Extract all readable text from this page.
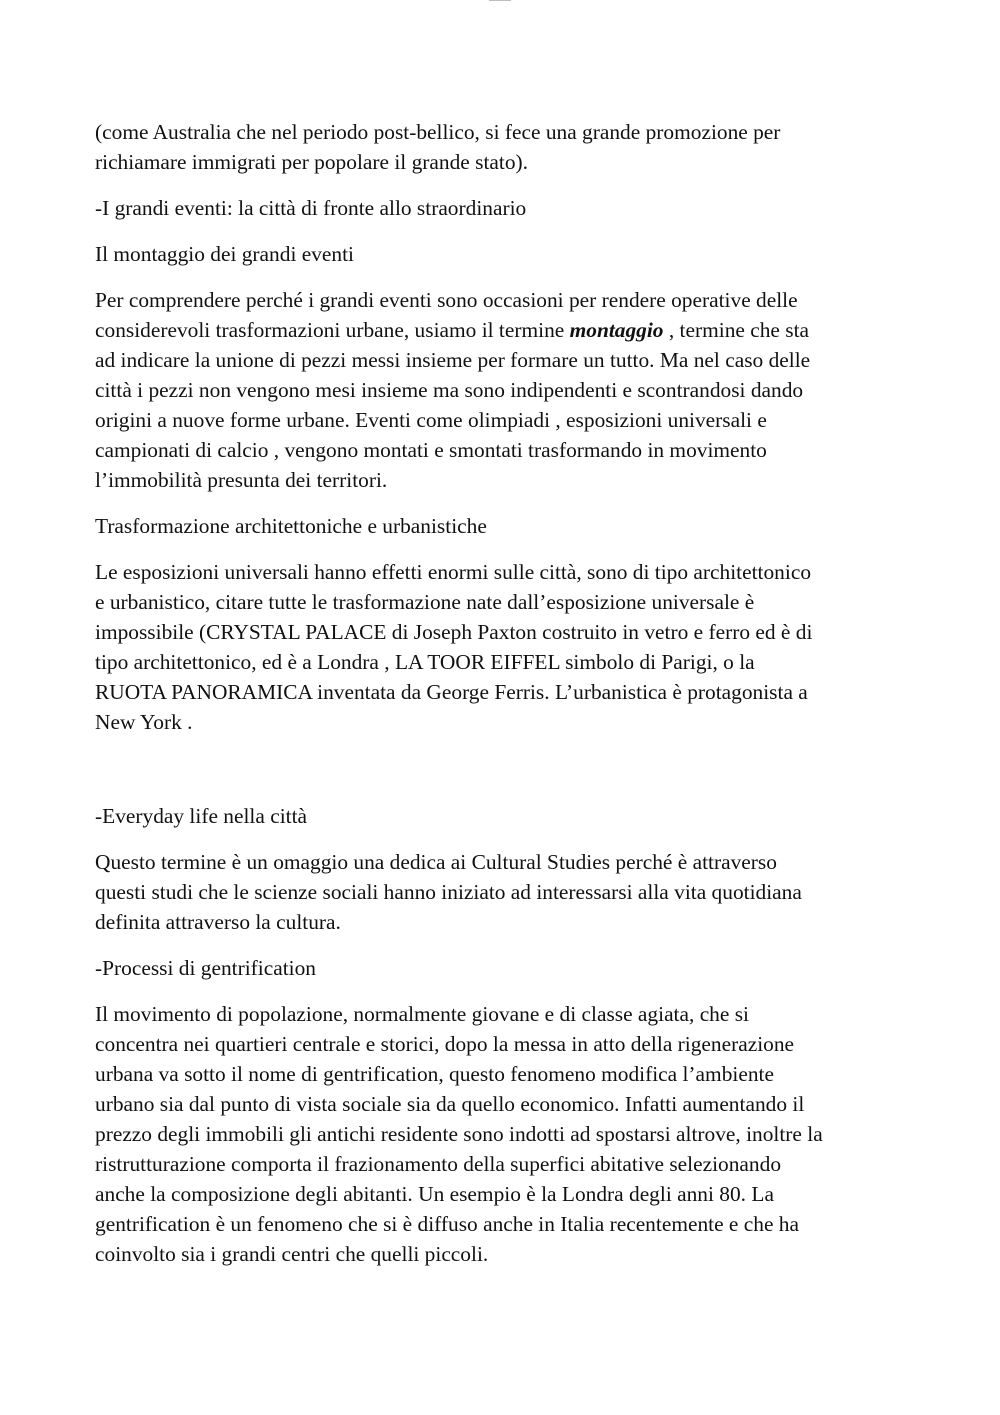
(come Australia che nel periodo post-bellico, si fece una grande promozione per
richiamare immigrati per popolare il grande stato).

-I grandi eventi: la città di fronte allo straordinario

Il montaggio dei grandi eventi

Per comprendere perché i grandi eventi sono occasioni per rendere operative delle
considerevoli trasformazioni urbane, usiamo il termine montaggio , termine che sta
ad indicare la unione di pezzi messi insieme per formare un tutto. Ma nel caso delle
città i pezzi non vengono mesi insieme ma sono indipendenti e scontrandosi dando
origini a nuove forme urbane. Eventi come olimpiadi , esposizioni universali e
campionati di calcio , vengono montati e smontati trasformando in movimento
l’immobilità presunta dei territori.

Trasformazione architettoniche e urbanistiche

Le esposizioni universali hanno effetti enormi sulle città, sono di tipo architettonico
e urbanistico, citare tutte le trasformazione nate dall’esposizione universale è
impossibile (CRYSTAL PALACE di Joseph Paxton costruito in vetro e ferro ed è di
tipo architettonico, ed è a Londra , LA TOOR EIFFEL simbolo di Parigi, o la
RUOTA PANORAMICA inventata da George Ferris. L’urbanistica è protagonista a
New York .

-Everyday life nella città

Questo termine è un omaggio una dedica ai Cultural Studies perché è attraverso
questi studi che le scienze sociali hanno iniziato ad interessarsi alla vita quotidiana
definita attraverso la cultura.

-Processi di gentrification

Il movimento di popolazione, normalmente giovane e di classe agiata, che si
concentra nei quartieri centrale e storici, dopo la messa in atto della rigenerazione
urbana va sotto il nome di gentrification, questo fenomeno modifica l’ambiente
urbano sia dal punto di vista sociale sia da quello economico. Infatti aumentando il
prezzo degli immobili gli antichi residente sono indotti ad spostarsi altrove, inoltre la
ristrutturazione comporta il frazionamento della superfici abitative selezionando
anche la composizione degli abitanti. Un esempio è la Londra degli anni 80. La
gentrification è un fenomeno che si è diffuso anche in Italia recentemente e che ha
coinvolto sia i grandi centri che quelli piccoli.
